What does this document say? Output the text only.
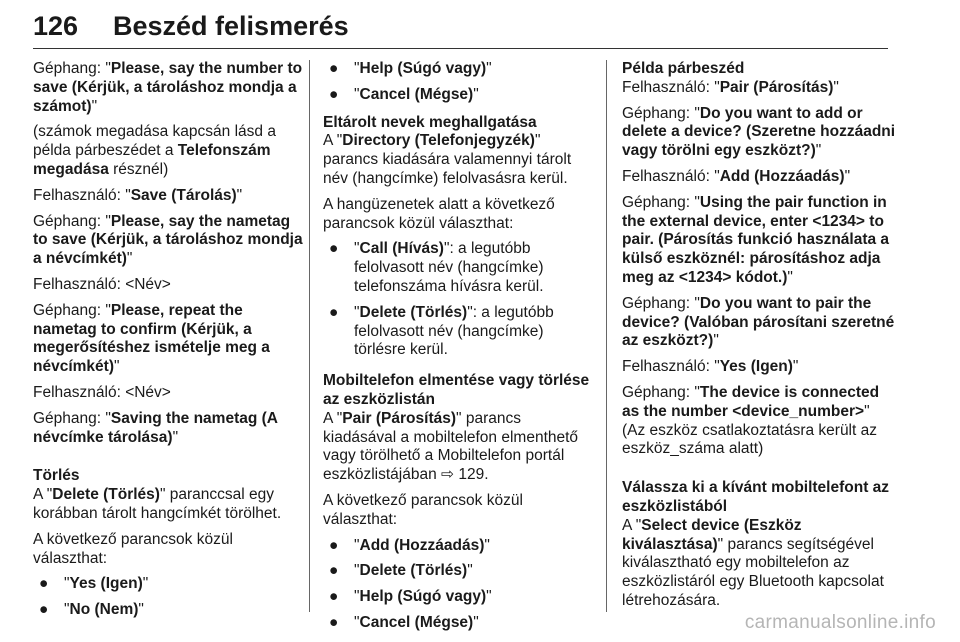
126 Beszéd felismerés

Géphang: "Please, say the number to save (Kérjük, a tároláshoz mondja a számot)"

(számok megadása kapcsán lásd a példa párbeszédet a Telefonszám megadása résznél)

Felhasználó: "Save (Tárolás)"

Géphang: "Please, say the nametag to save (Kérjük, a tároláshoz mondja a névcímkét)"

Felhasználó: <Név>

Géphang: "Please, repeat the nametag to confirm (Kérjük, a megerősítéshez ismételje meg a névcímkét)"

Felhasználó: <Név>

Géphang: "Saving the nametag (A névcímke tárolása)"

Törlés

A "Delete (Törlés)" paranccsal egy korábban tárolt hangcímkét törölhet.

A következő parancsok közül választhat:

● "Yes (Igen)"
● "No (Nem)"
● "Help (Súgó vagy)"
● "Cancel (Mégse)"

Eltárolt nevek meghallgatása

A "Directory (Telefonjegyzék)" parancs kiadására valamennyi tárolt név (hangcímke) felolvasásra kerül.

A hangüzenetek alatt a következő parancsok közül választhat:

● "Call (Hívás)": a legutóbb felolvasott név (hangcímke) telefonszáma hívásra kerül.
● "Delete (Törlés)": a legutóbb felolvasott név (hangcímke) törlésre kerül.

Mobiltelefon elmentése vagy törlése az eszközlistán

A "Pair (Párosítás)" parancs kiadásával a mobiltelefon elmenthető vagy törölhető a Mobiltelefon portál eszközlistájában ⇨ 129.

A következő parancsok közül választhat:

● "Add (Hozzáadás)"
● "Delete (Törlés)"
● "Help (Súgó vagy)"
● "Cancel (Mégse)"

Példa párbeszéd

Felhasználó: "Pair (Párosítás)"

Géphang: "Do you want to add or delete a device? (Szeretne hozzáadni vagy törölni egy eszközt?)"

Felhasználó: "Add (Hozzáadás)"

Géphang: "Using the pair function in the external device, enter <1234> to pair. (Párosítás funkció használata a külső eszköznél: párosításhoz adja meg az <1234> kódot.)"

Géphang: "Do you want to pair the device? (Valóban párosítani szeretné az eszközt?)"

Felhasználó: "Yes (Igen)"

Géphang: "The device is connected as the number <device_number>" (Az eszköz csatlakoztatásra került az eszköz_száma alatt)

Válassza ki a kívánt mobiltelefont az eszközlistából

A "Select device (Eszköz kiválasztása)" parancs segítségével kiválasztható egy mobiltelefon az eszközlistáról egy Bluetooth kapcsolat létrehozására.

carmanualsonline.info
